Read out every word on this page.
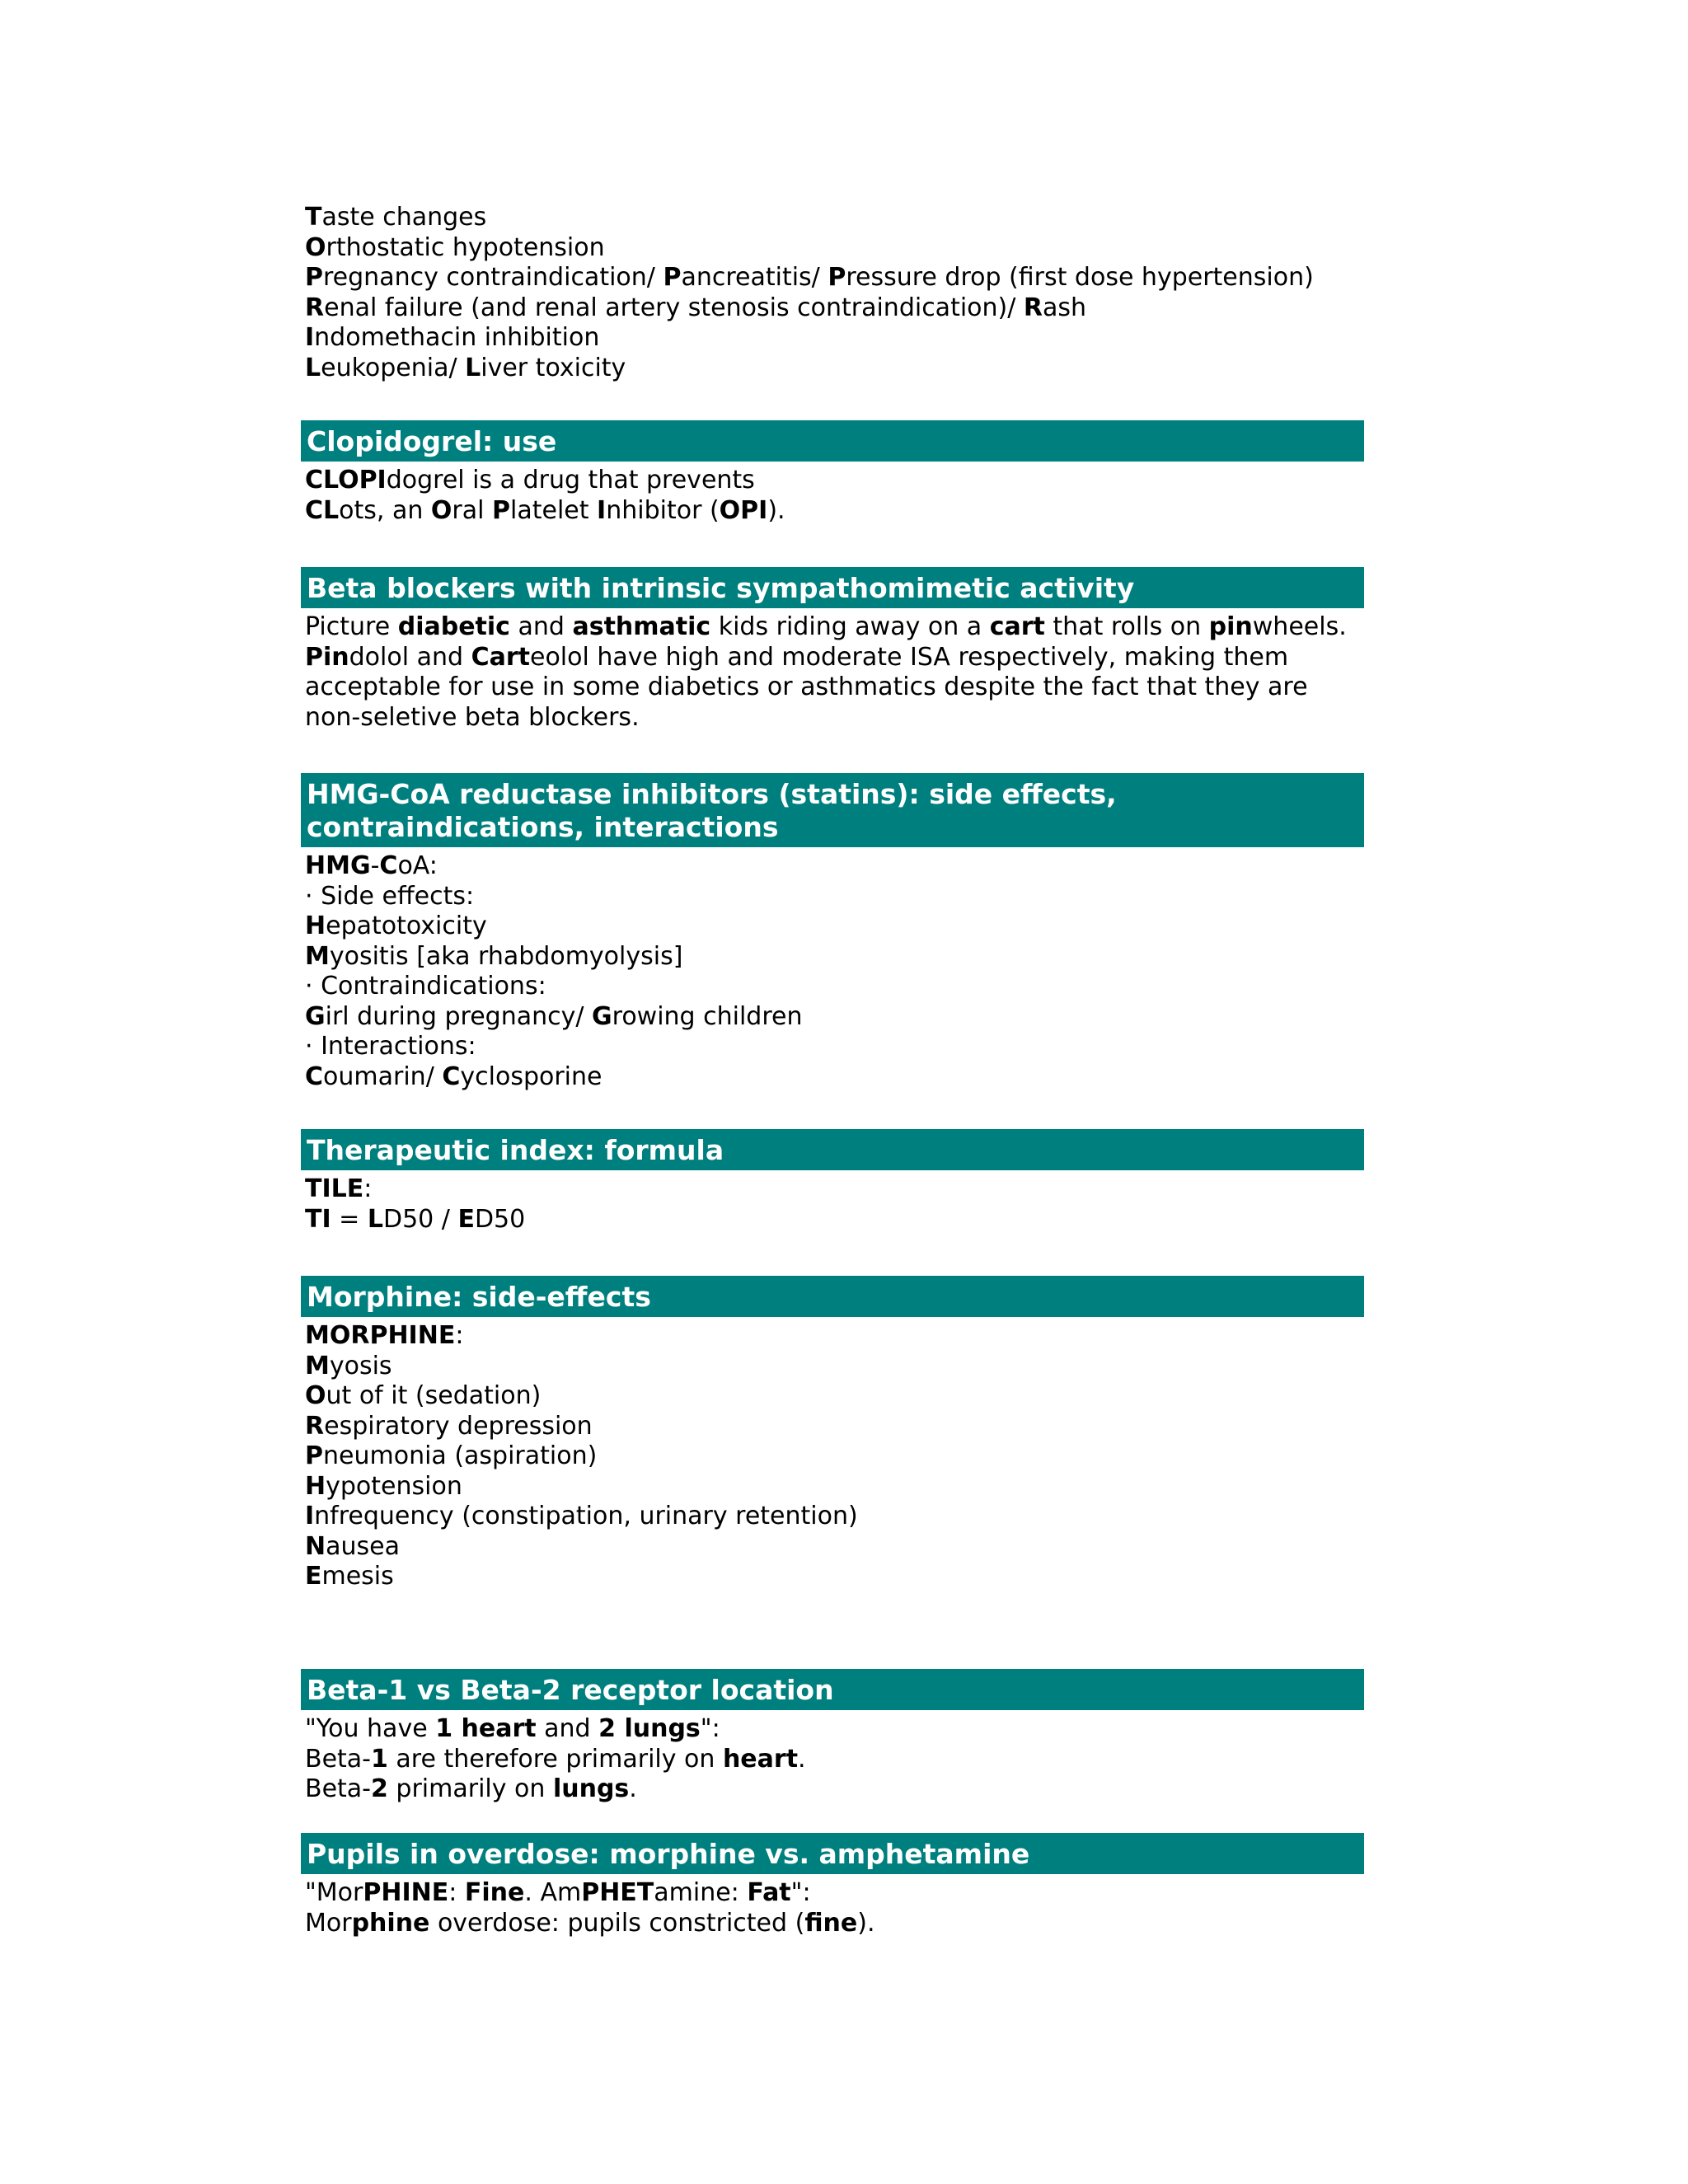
Taste changes
Orthostatic hypotension
Pregnancy contraindication/ Pancreatitis/ Pressure drop (first dose hypertension)
Renal failure (and renal artery stenosis contraindication)/ Rash
Indomethacin inhibition
Leukopenia/ Liver toxicity
Clopidogrel: use
CLOPIdogrel is a drug that prevents
CLots, an Oral Platelet Inhibitor (OPI).
Beta blockers with intrinsic sympathomimetic activity
Picture diabetic and asthmatic kids riding away on a cart that rolls on pinwheels.
Pindolol and Carteolol have high and moderate ISA respectively, making them
acceptable for use in some diabetics or asthmatics despite the fact that they are
non-seletive beta blockers.
HMG-CoA reductase inhibitors (statins): side effects, contraindications, interactions
HMG-CoA:
· Side effects:
Hepatotoxicity
Myositis [aka rhabdomyolysis]
· Contraindications:
Girl during pregnancy/ Growing children
· Interactions:
Coumarin/ Cyclosporine
Therapeutic index: formula
TILE:
TI = LD50 / ED50
Morphine: side-effects
MORPHINE:
Myosis
Out of it (sedation)
Respiratory depression
Pneumonia (aspiration)
Hypotension
Infrequency (constipation, urinary retention)
Nausea
Emesis
Beta-1 vs Beta-2 receptor location
"You have 1 heart and 2 lungs":
Beta-1 are therefore primarily on heart.
Beta-2 primarily on lungs.
Pupils in overdose: morphine vs. amphetamine
"MorPHINE: Fine. AmPHETamine: Fat":
Morphine overdose: pupils constricted (fine).
